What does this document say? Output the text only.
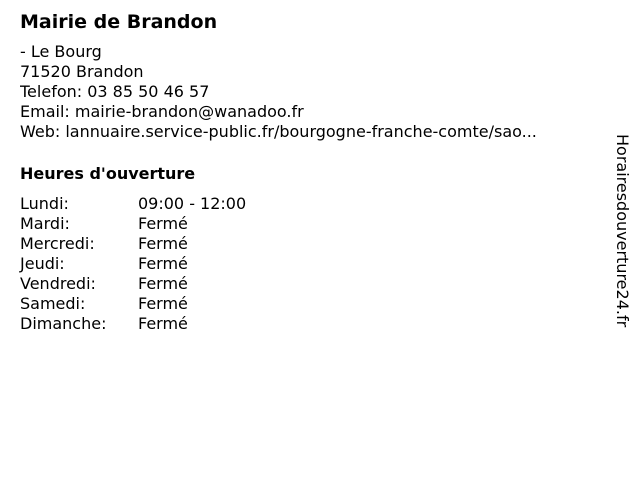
Mairie de Brandon
- Le Bourg
71520 Brandon
Telefon: 03 85 50 46 57
Email: mairie-brandon@wanadoo.fr
Web: lannuaire.service-public.fr/bourgogne-franche-comte/sao...
Heures d'ouverture
Lundi:	09:00 - 12:00
Mardi:	Fermé
Mercredi:	Fermé
Jeudi:	Fermé
Vendredi:	Fermé
Samedi:	Fermé
Dimanche:	Fermé	Horairesdouverture24.fr
